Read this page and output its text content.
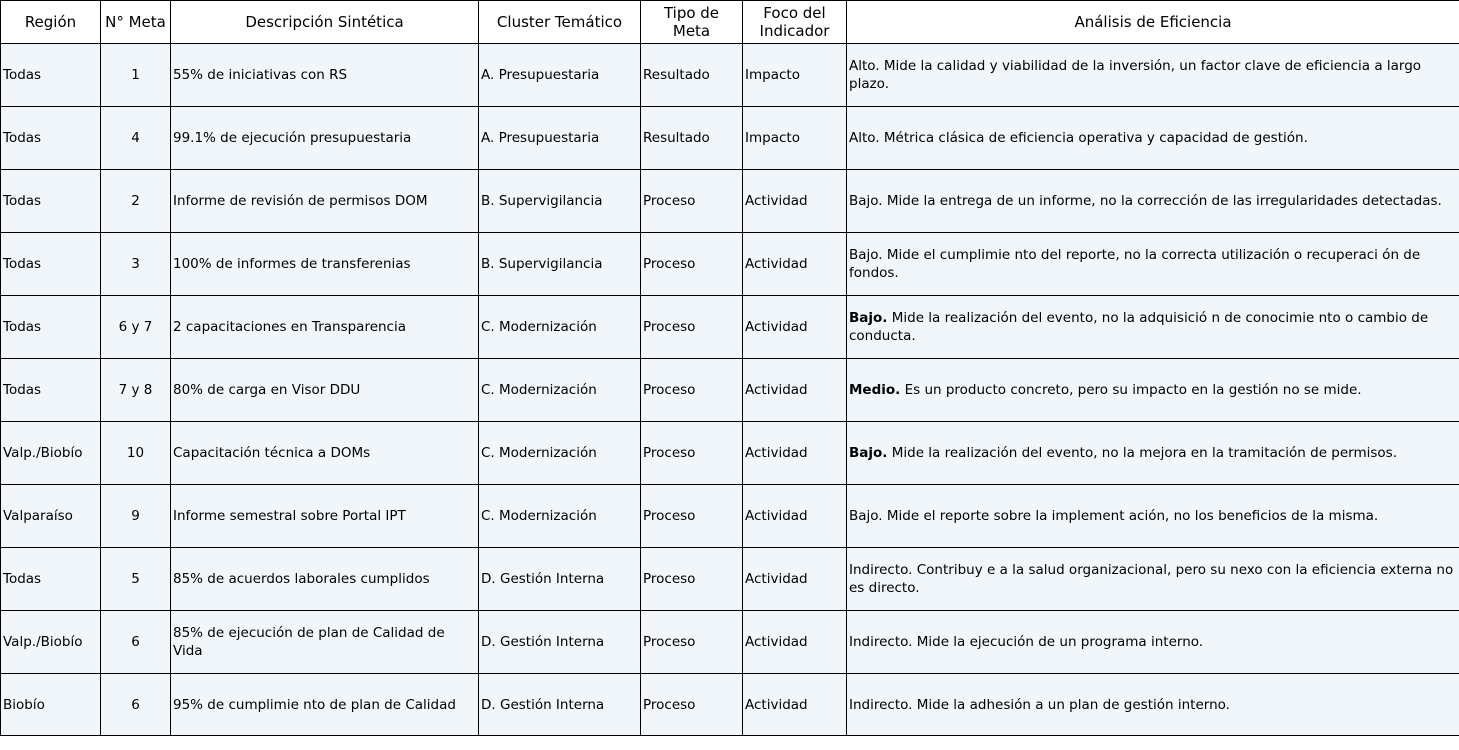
Región	N° Meta	Descripción Sintética	Cluster Temático	Tipo de Meta	Foco del Indicador	Análisis de Eficiencia
Todas	1	55% de iniciativas con RS	A. Presupuestaria	Resultado	Impacto	Alto. Mide la calidad y viabilidad de la inversión, un factor clave de eficiencia a largo plazo.
Todas	4	99.1% de ejecución presupuestaria	A. Presupuestaria	Resultado	Impacto	Alto. Métrica clásica de eficiencia operativa y capacidad de gestión.
Todas	2	Informe de revisión de permisos DOM	B. Supervigilancia	Proceso	Actividad	Bajo. Mide la entrega de un informe, no la corrección de las irregularidades detectadas.
Todas	3	100% de informes de transferenias	B. Supervigilancia	Proceso	Actividad	Bajo. Mide el cumplimie nto del reporte, no la correcta utilización o recuperaci ón de fondos.
Todas	6 y 7	2 capacitaciones en Transparencia	C. Modernización	Proceso	Actividad	Bajo. Mide la realización del evento, no la adquisició n de conocimie nto o cambio de conducta.
Todas	7 y 8	80% de carga en Visor DDU	C. Modernización	Proceso	Actividad	Medio. Es un producto concreto, pero su impacto en la gestión no se mide.
Valp./Biobío	10	Capacitación técnica a DOMs	C. Modernización	Proceso	Actividad	Bajo. Mide la realización del evento, no la mejora en la tramitación de permisos.
Valparaíso	9	Informe semestral sobre Portal IPT	C. Modernización	Proceso	Actividad	Bajo. Mide el reporte sobre la implement ación, no los beneficios de la misma.
Todas	5	85% de acuerdos laborales cumplidos	D. Gestión Interna	Proceso	Actividad	Indirecto. Contribuy e a la salud organizacional, pero su nexo con la eficiencia externa no es directo.
Valp./Biobío	6	85% de ejecución de plan de Calidad de Vida	D. Gestión Interna	Proceso	Actividad	Indirecto. Mide la ejecución de un programa interno.
Biobío	6	95% de cumplimie nto de plan de Calidad	D. Gestión Interna	Proceso	Actividad	Indirecto. Mide la adhesión a un plan de gestión interno.
